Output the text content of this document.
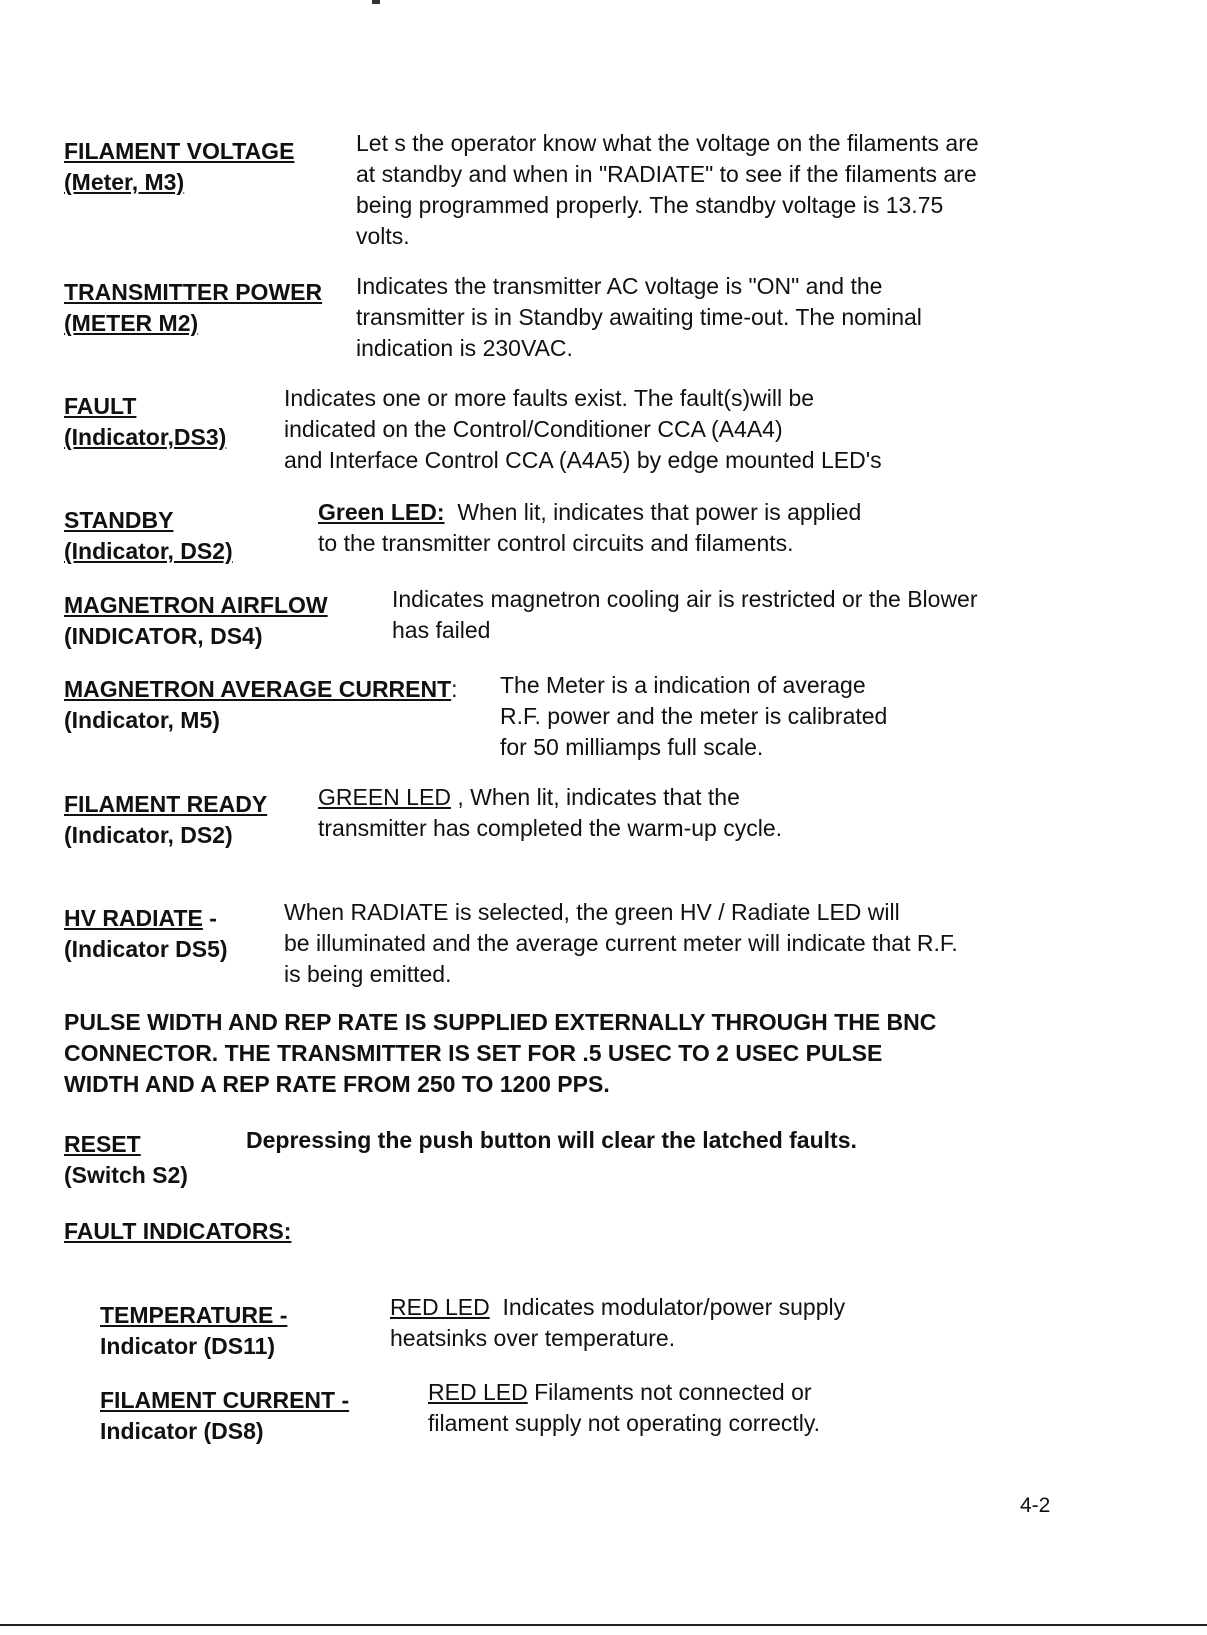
FILAMENT VOLTAGE
(Meter, M3)
Let s the operator know what the voltage on the filaments are
at standby and when in "RADIATE" to see if the filaments are
being programmed properly. The standby voltage is 13.75
volts.
TRANSMITTER POWER
(METER M2)
Indicates the transmitter AC voltage is "ON" and the
transmitter is in Standby awaiting time-out. The nominal
indication is 230VAC.
FAULT
(Indicator,DS3)
Indicates one or more faults exist. The fault(s)will be
indicated on the Control/Conditioner CCA (A4A4)
and Interface Control CCA (A4A5) by edge mounted LED's
STANDBY
(Indicator, DS2)
Green LED: When lit, indicates that power is applied
to the transmitter control circuits and filaments.
MAGNETRON AIRFLOW
(INDICATOR, DS4)
Indicates magnetron cooling air is restricted or the Blower
has failed
MAGNETRON AVERAGE CURRENT:
(Indicator, M5)
The Meter is a indication of average
R.F. power and the meter is calibrated
for 50 milliamps full scale.
FILAMENT READY
(Indicator, DS2)
GREEN LED , When lit, indicates that the
transmitter has completed the warm-up cycle.
HV RADIATE -
(Indicator DS5)
When RADIATE is selected, the green HV / Radiate LED will
be illuminated and the average current meter will indicate that R.F.
is being emitted.
PULSE WIDTH AND REP RATE IS SUPPLIED EXTERNALLY THROUGH THE BNC
CONNECTOR. THE TRANSMITTER IS SET FOR .5 USEC TO 2 USEC PULSE
WIDTH AND A REP RATE FROM 250 TO 1200 PPS.
RESET
(Switch S2)
Depressing the push button will clear the latched faults.
FAULT INDICATORS:
TEMPERATURE -
Indicator (DS11)
RED LED Indicates modulator/power supply
heatsinks over temperature.
FILAMENT CURRENT -
Indicator (DS8)
RED LED Filaments not connected or
filament supply not operating correctly.
4-2
